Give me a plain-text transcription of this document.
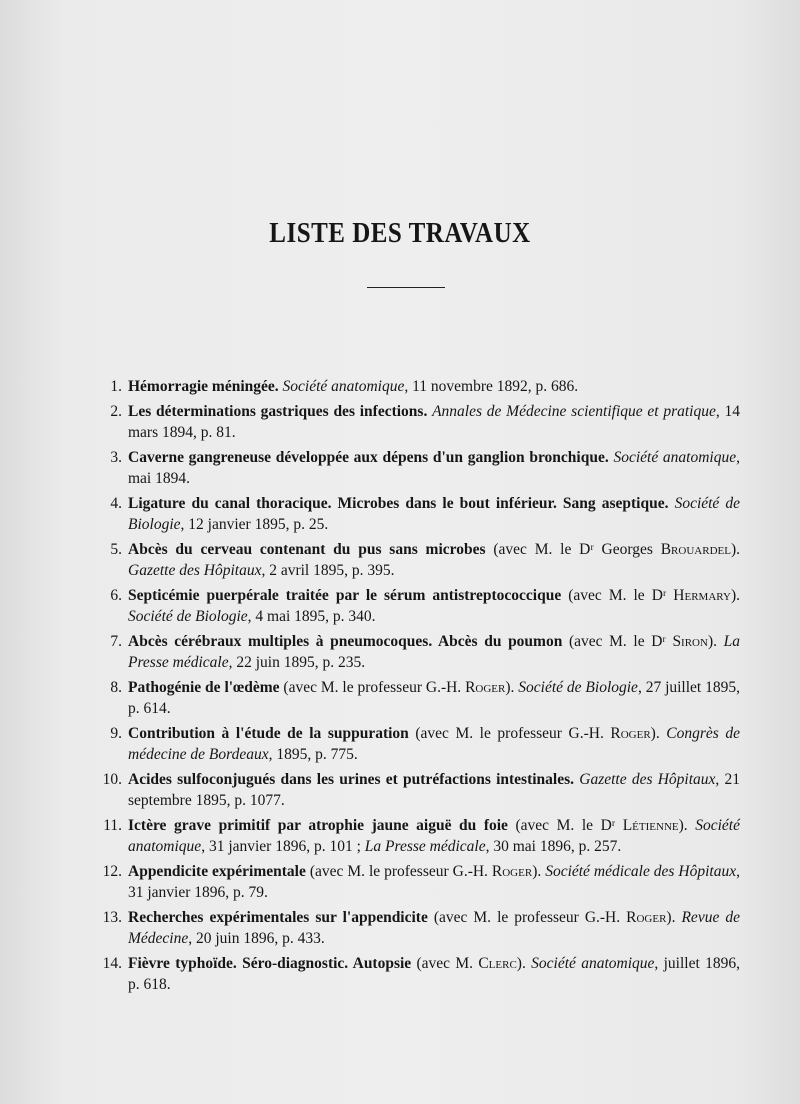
LISTE DES TRAVAUX
1. Hémorragie méningée. Société anatomique, 11 novembre 1892, p. 686.
2. Les déterminations gastriques des infections. Annales de Médecine scientifique et pratique, 14 mars 1894, p. 81.
3. Caverne gangreneuse développée aux dépens d'un ganglion bronchique. Société anatomique, mai 1894.
4. Ligature du canal thoracique. Microbes dans le bout inférieur. Sang aseptique. Société de Biologie, 12 janvier 1895, p. 25.
5. Abcès du cerveau contenant du pus sans microbes (avec M. le Dʳ Georges Brouardel). Gazette des Hôpitaux, 2 avril 1895, p. 395.
6. Septicémie puerpérale traitée par le sérum antistreptococcique (avec M. le Dʳ Hermary). Société de Biologie, 4 mai 1895, p. 340.
7. Abcès cérébraux multiples à pneumocoques. Abcès du poumon (avec M. le Dʳ Siron). La Presse médicale, 22 juin 1895, p. 235.
8. Pathogénie de l'œdème (avec M. le professeur G.-H. Roger). Société de Biologie, 27 juillet 1895, p. 614.
9. Contribution à l'étude de la suppuration (avec M. le professeur G.-H. Roger). Congrès de médecine de Bordeaux, 1895, p. 775.
10. Acides sulfoconjugués dans les urines et putréfactions intestinales. Gazette des Hôpitaux, 21 septembre 1895, p. 1077.
11. Ictère grave primitif par atrophie jaune aiguë du foie (avec M. le Dʳ Létienne). Société anatomique, 31 janvier 1896, p. 101 ; La Presse médicale, 30 mai 1896, p. 257.
12. Appendicite expérimentale (avec M. le professeur G.-H. Roger). Société médicale des Hôpitaux, 31 janvier 1896, p. 79.
13. Recherches expérimentales sur l'appendicite (avec M. le professeur G.-H. Roger). Revue de Médecine, 20 juin 1896, p. 433.
14. Fièvre typhoïde. Séro-diagnostic. Autopsie (avec M. Clerc). Société anatomique, juillet 1896, p. 618.
